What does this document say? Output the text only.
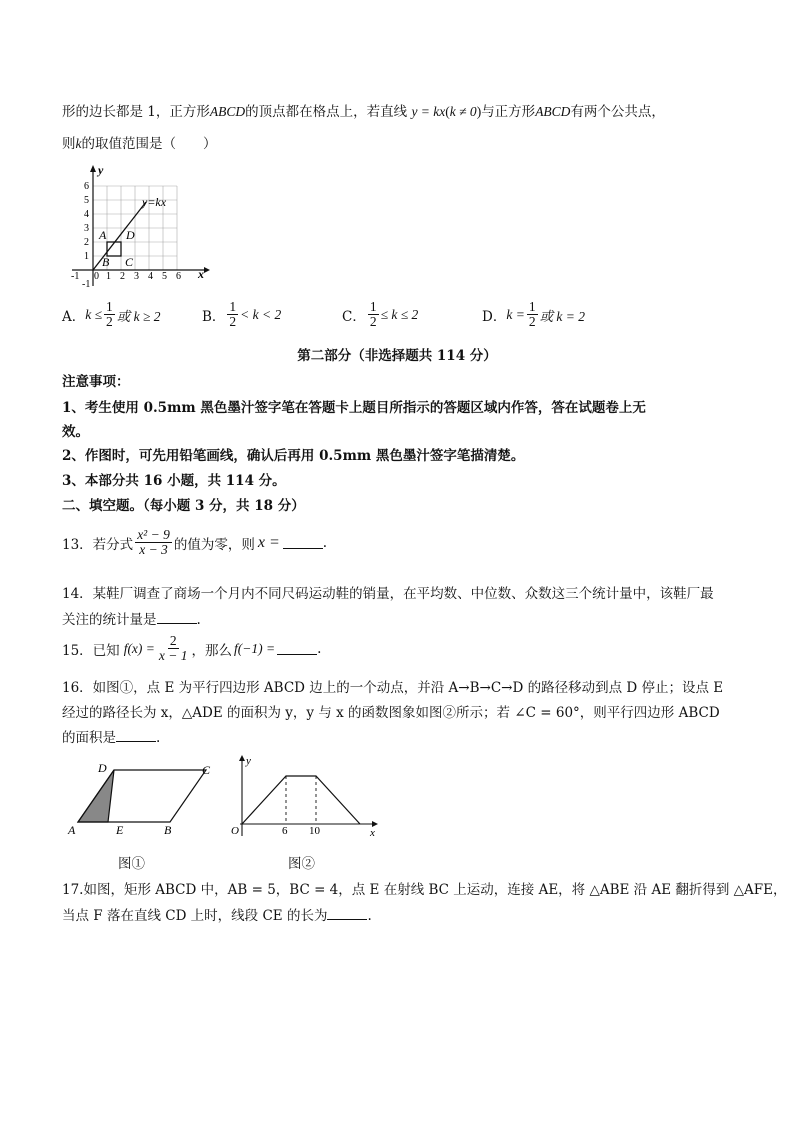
形的边长都是 1，正方形ABCD的顶点都在格点上，若直线 y = kx(k ≠ 0)与正方形ABCD有两个公共点，
则k的取值范围是（　　）
y=kx
y
x
6
5
4
3
2
1
-1
-1 0 1 2 3 4 5 6
A
B C
D
A． $k \le \frac{1}{2}$ 或 k ≥ 2	B． $\frac{1}{2} < k < 2$	C． $\frac{1}{2} \le k \le 2$	D． $k = \frac{1}{2}$ 或 k = 2
第二部分（非选择题共 114 分）
注意事项：
1、考生使用 0.5mm 黑色墨汁签字笔在答题卡上题目所指示的答题区域内作答，答在试题卷上无
效。
2、作图时，可先用铅笔画线，确认后再用 0.5mm 黑色墨汁签字笔描清楚。
3、本部分共 16 小题，共 114 分。
二、填空题。（每小题 3 分，共 18 分）
13．若分式 $\frac{\text{x² − 9}}{x - 3}$ 的值为零，则 x =	.
14．某鞋厂调查了商场一个月内不同尺码运动鞋的销量，在平均数、中位数、众数这三个统计量中，该鞋厂最
关注的统计量是	.
15．已知 $f(x) = \frac{2}{x - 1}$ ，那么 f(−1) =	.
16．如图①，点 E 为平行四边形 ABCD 边上的一个动点，并沿 A→B→C→D 的路径移动到点 D 停止；设点 E
经过的路径长为 x，△ADE 的面积为 y，y 与 x 的函数图象如图②所示；若 ∠C = 60°，则平行四边形 ABCD
的面积是	.
D	C
A	E	B
图①
y
O	6 10	x
图②
17.如图，矩形 ABCD 中，AB = 5，BC = 4，点 E 在射线 BC 上运动，连接 AE，将 △ABE 沿 AE 翻折得到 △AFE，
当点 F 落在直线 CD 上时，线段 CE 的长为	.
